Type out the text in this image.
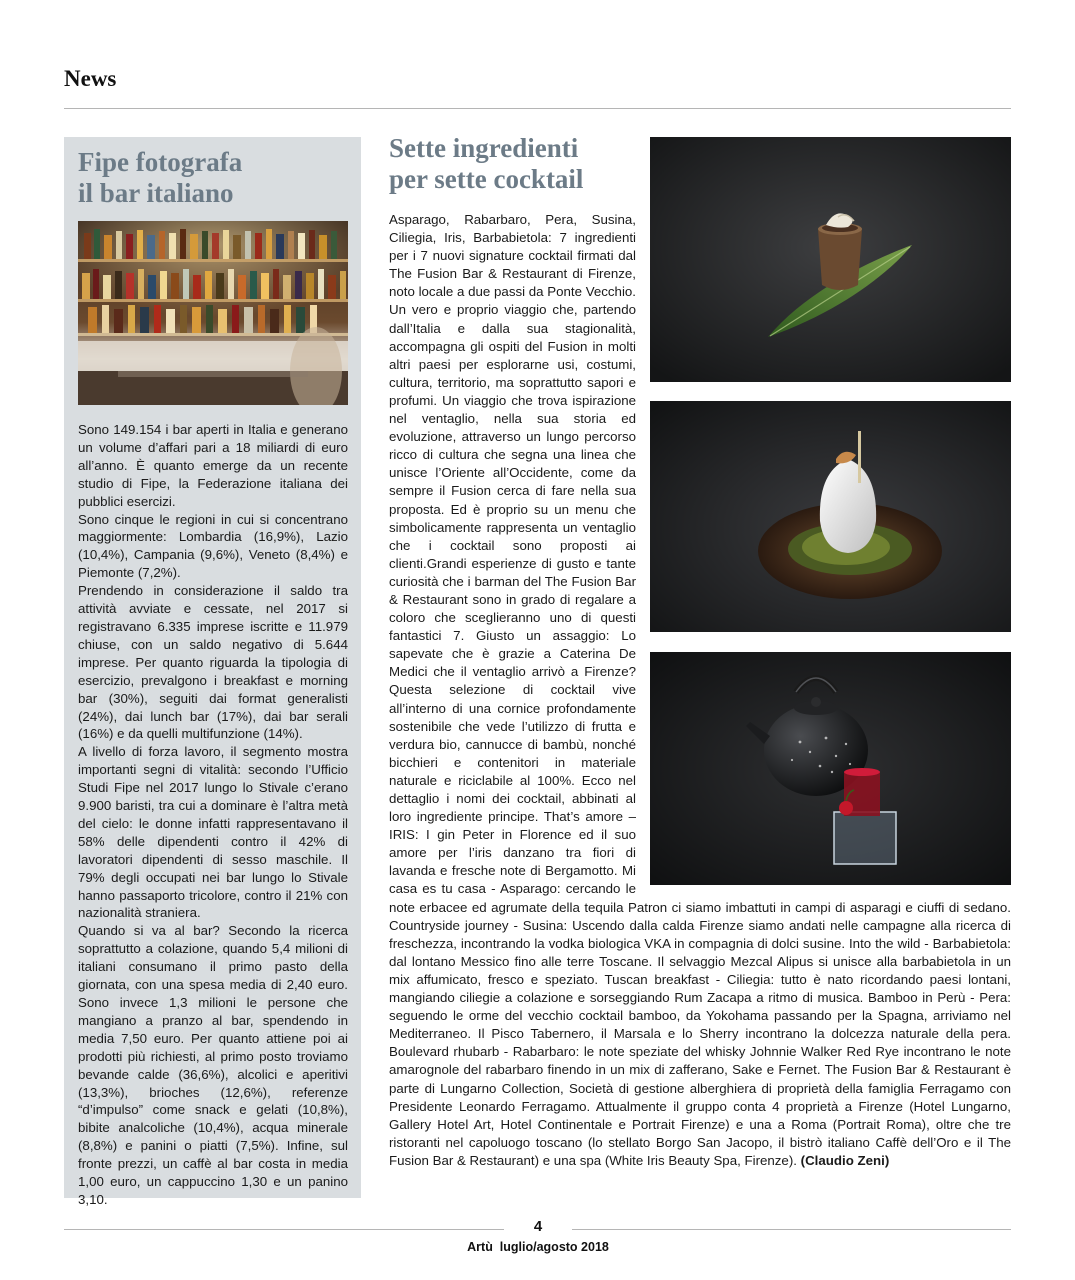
News
Fipe fotografa
il bar italiano

Sono 149.154 i bar aperti in Italia e generano un volume d’affari pari a 18 miliardi di euro all’anno. È quanto emerge da un recente studio di Fipe, la Federazione italiana dei pubblici esercizi.

Sono cinque le regioni in cui si concentrano maggiormente: Lombardia (16,9%), Lazio (10,4%), Campania (9,6%), Veneto (8,4%) e Piemonte (7,2%).

Prendendo in considerazione il saldo tra attività avviate e cessate, nel 2017 si registravano 6.335 imprese iscritte e 11.979 chiuse, con un saldo negativo di 5.644 imprese. Per quanto riguarda la tipologia di esercizio, prevalgono i breakfast e morning bar (30%), seguiti dai format generalisti (24%), dai lunch bar (17%), dai bar serali (16%) e da quelli multifunzione (14%).

A livello di forza lavoro, il segmento mostra importanti segni di vitalità: secondo l’Ufficio Studi Fipe nel 2017 lungo lo Stivale c’erano 9.900 baristi, tra cui a dominare è l’altra metà del cielo: le donne infatti rappresentavano il 58% delle dipendenti contro il 42% di lavoratori dipendenti di sesso maschile. Il 79% degli occupati nei bar lungo lo Stivale hanno passaporto tricolore, contro il 21% con nazionalità straniera.

Quando si va al bar? Secondo la ricerca soprattutto a colazione, quando 5,4 milioni di italiani consumano il primo pasto della giornata, con una spesa media di 2,40 euro. Sono invece 1,3 milioni le persone che mangiano a pranzo al bar, spendendo in media 7,50 euro. Per quanto attiene poi ai prodotti più richiesti, al primo posto troviamo bevande calde (36,6%), alcolici e aperitivi (13,3%), brioches (12,6%), referenze “d’impulso” come snack e gelati (10,8%), bibite analcoliche (10,4%), acqua minerale (8,8%) e panini o piatti (7,5%). Infine, sul fronte prezzi, un caffè al bar costa in media 1,00 euro, un cappuccino 1,30 e un panino 3,10.

Sette ingredienti
per sette cocktail

Asparago, Rabarbaro, Pera, Susina, Ciliegia, Iris, Barbabietola: 7 ingredienti per i 7 nuovi signature cocktail firmati dal The Fusion Bar & Restaurant di Firenze, noto locale a due passi da Ponte Vecchio. Un vero e proprio viaggio che, partendo dall’Italia e dalla sua stagionalità, accompagna gli ospiti del Fusion in molti altri paesi per esplorarne usi, costumi, cultura, territorio, ma soprattutto sapori e profumi. Un viaggio che trova ispirazione nel ventaglio, nella sua storia ed evoluzione, attraverso un lungo percorso ricco di cultura che segna una linea che unisce l’Oriente all’Occidente, come da sempre il Fusion cerca di fare nella sua proposta. Ed è proprio su un menu che simbolicamente rappresenta un ventaglio che i cocktail sono proposti ai clienti.Grandi esperienze di gusto e tante curiosità che i barman del The Fusion Bar & Restaurant sono in grado di regalare a coloro che sceglieranno uno di questi fantastici 7. Giusto un assaggio: Lo sapevate che è grazie a Caterina De Medici che il ventaglio arrivò a Firenze? Questa selezione di cocktail vive all’interno di una cornice profondamente sostenibile che vede l’utilizzo di frutta e verdura bio, cannucce di bambù, nonché bicchieri e contenitori in materiale naturale e riciclabile al 100%. Ecco nel dettaglio i nomi dei cocktail, abbinati al loro ingrediente principe. That’s amore – IRIS: I gin Peter in Florence ed il suo amore per l’iris danzano tra fiori di lavanda e fresche note di Bergamotto. Mi casa es tu casa - Asparago: cercando le note erbacee ed agrumate della tequila Patron ci siamo imbattuti in campi di asparagi e ciuffi di sedano. Countryside journey - Susina: Uscendo dalla calda Firenze siamo andati nelle campagne alla ricerca di freschezza, incontrando la vodka biologica VKA in compagnia di dolci susine. Into the wild - Barbabietola: dal lontano Messico fino alle terre Toscane. Il selvaggio Mezcal Alipus si unisce alla barbabietola in un mix affumicato, fresco e speziato. Tuscan breakfast - Ciliegia: tutto è nato ricordando paesi lontani, mangiando ciliegie a colazione e sorseggiando Rum Zacapa a ritmo di musica. Bamboo in Perù - Pera: seguendo le orme del vecchio cocktail bamboo, da Yokohama passando per la Spagna, arriviamo nel Mediterraneo. Il Pisco Tabernero, il Marsala e lo Sherry incontrano la dolcezza naturale della pera. Boulevard rhubarb - Rabarbaro: le note speziate del whisky Johnnie Walker Red Rye incontrano le note amarognole del rabarbaro finendo in un mix di zafferano, Sake e Fernet. The Fusion Bar & Restaurant è parte di Lungarno Collection, Società di gestione alberghiera di proprietà della famiglia Ferragamo con Presidente Leonardo Ferragamo. Attualmente il gruppo conta 4 proprietà a Firenze (Hotel Lungarno, Gallery Hotel Art, Hotel Continentale e Portrait Firenze) e una a Roma (Portrait Roma), oltre che tre ristoranti nel capoluogo toscano (lo stellato Borgo San Jacopo, il bistrò italiano Caffè dell’Oro e il The Fusion Bar & Restaurant) e una spa (White Iris Beauty Spa, Firenze). (Claudio Zeni)

4
Artù luglio/agosto 2018
